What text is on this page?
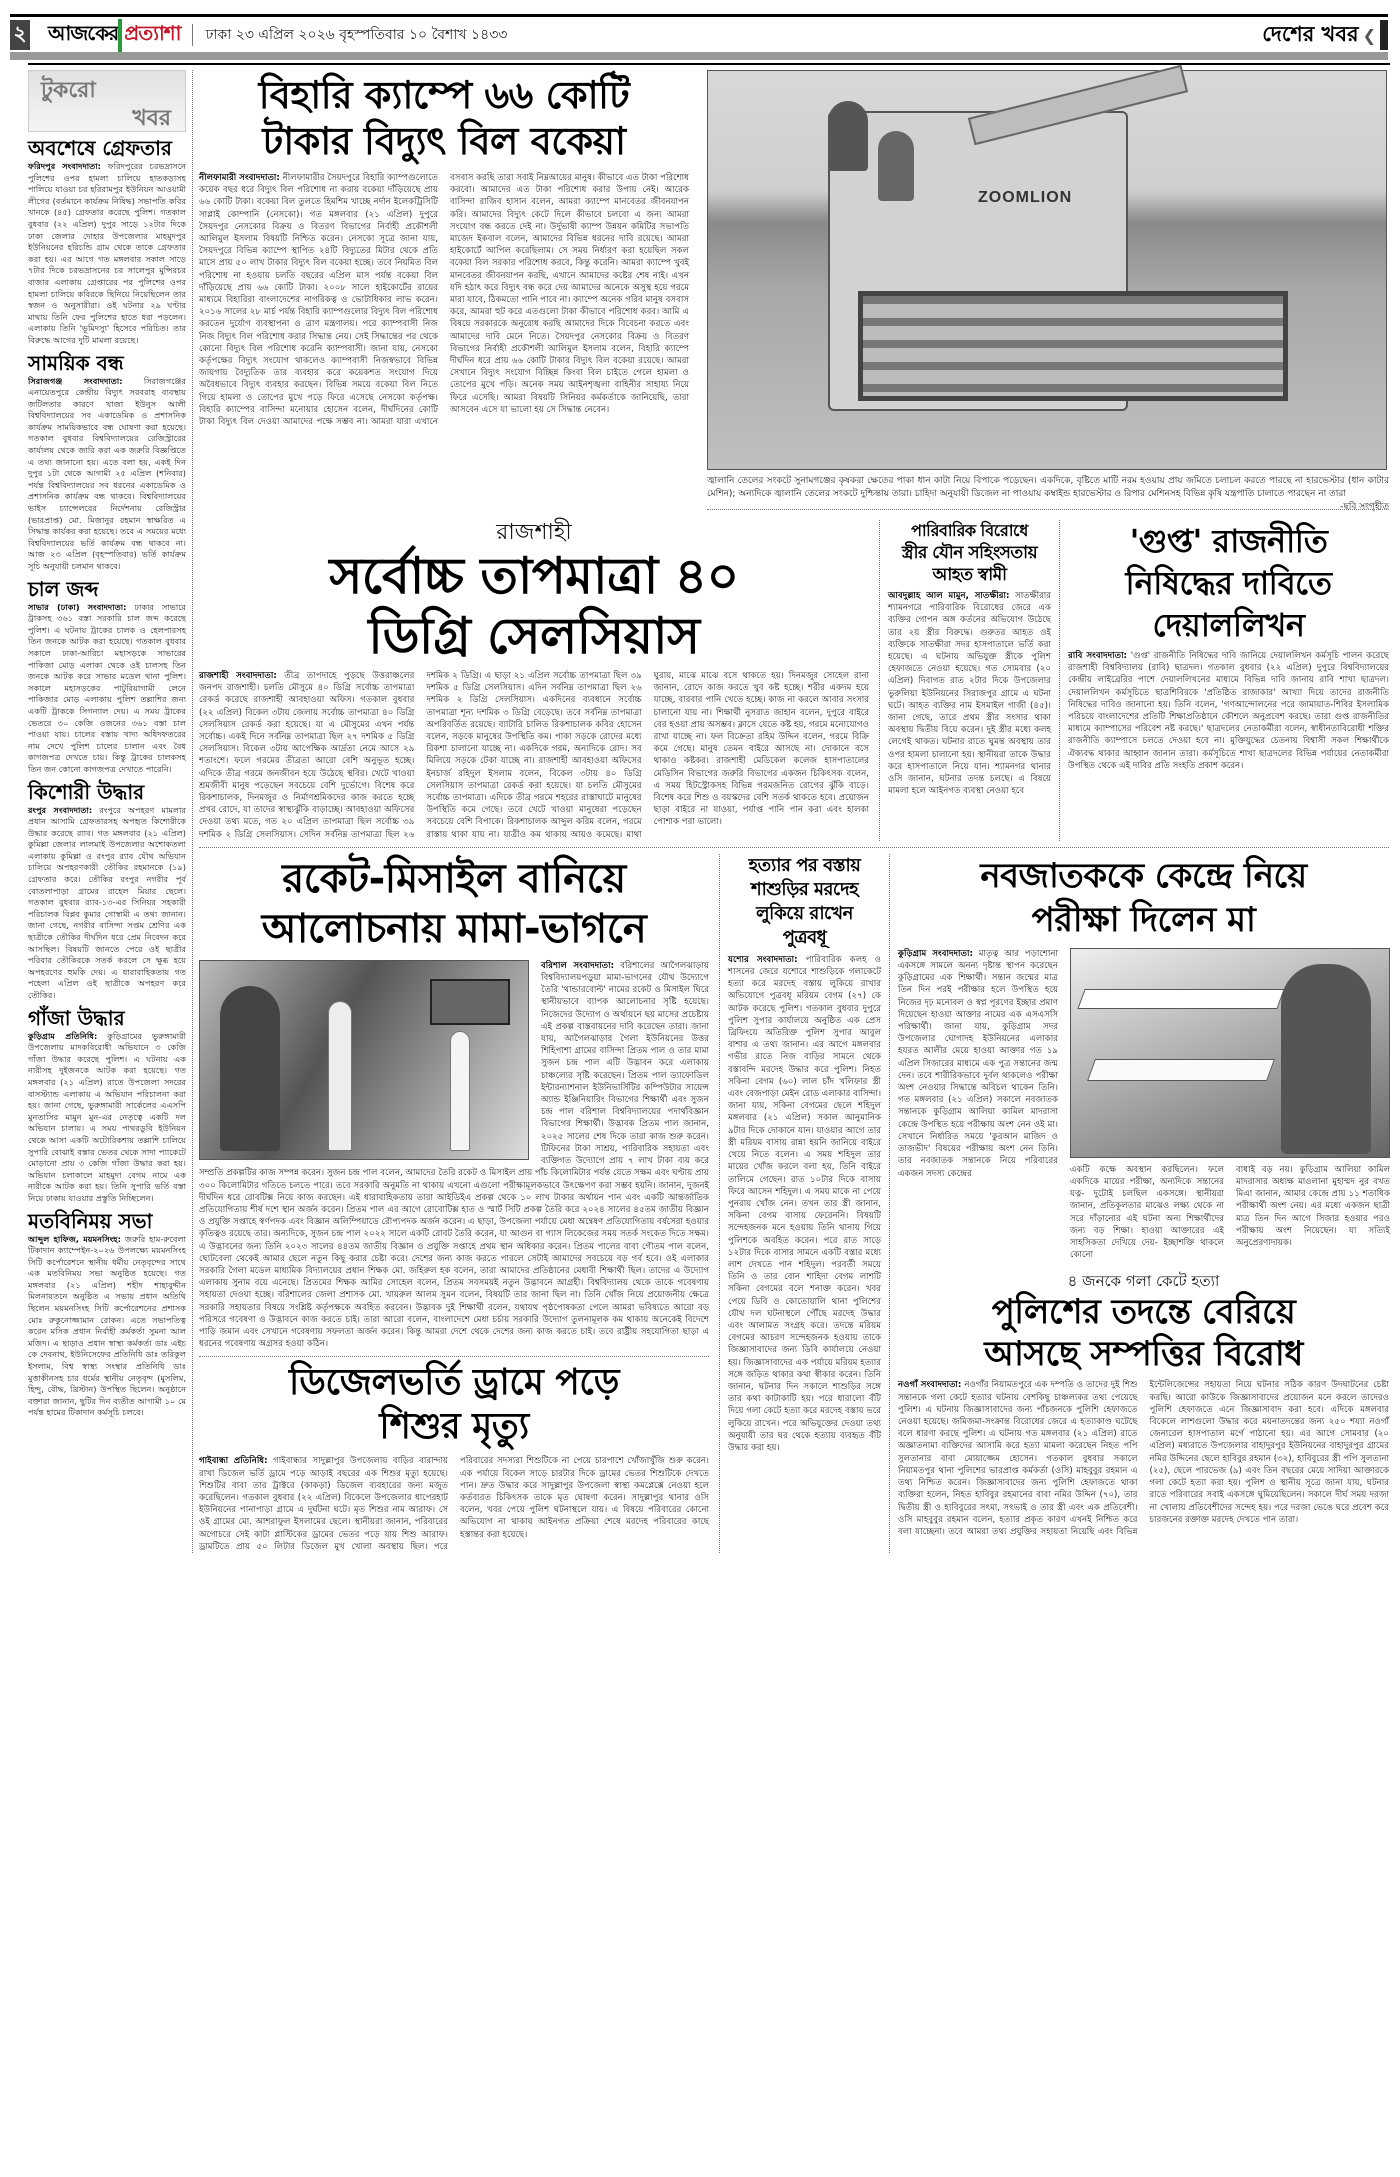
২ আজকের প্রত্যাশা ঢাকা ২৩ এপ্রিল ২০২৬ বৃহস্পতিবার ১০ বৈশাখ ১৪৩৩	দেশের খবর ❮
টুকরো
খবর
অবশেষে গ্রেফতার
ফরিদপুর সংবাদদাতা: ফরিদপুরের চরভদ্রাসনে পুলিশের ওপর হামলা চালিয়ে হাতকড়াসহ পালিয়ে যাওয়া চর হরিরামপুর ইউনিয়ন আওয়ামী লীগের (বর্তমানে কার্যক্রম নিষিদ্ধ) সভাপতি কবির খানকে (৪৫) গ্রেফতার করেছে পুলিশ। গতকাল বুধবার (২২ এপ্রিল) দুপুর সাড়ে ১২টার দিকে ঢাকা জেলার দোহার উপজেলার মাহমুদপুর ইউনিয়নের হরিচন্ডি গ্রাম থেকে তাকে গ্রেফতার করা হয়। এর আগে গত মঙ্গলবার সকাল সাড়ে ৭টার দিকে চরভদ্রাসনের চর সালেপুর মুন্সিরচর বাজার এলাকায় গ্রেপ্তারের পর পুলিশের ওপর হামলা চালিয়ে কবিরকে ছিনিয়ে নিয়েছিলেন তার স্বজন ও অনুসারীরা। ওই ঘটনার ২৯ ঘণ্টার মাথায় তিনি ফের পুলিশের হাতে ধরা পড়লেন। এলাকায় তিনি 'ভূমিদস্যু' হিসেবে পরিচিত। তার বিরুদ্ধে আগের দুটি মামলা রয়েছে।
সাময়িক বন্ধ
সিরাজগঞ্জ সংবাদদাতা:	সিরাজগঞ্জের এনায়েতপুরে কেন্দ্রীয় বিদ্যুৎ সরবরাহ ব্যবস্থায় জটিলতার কারণে খাজা ইউনুস আলী বিশ্ববিদ্যালয়ের সব একাডেমিক ও প্রশাসনিক কার্যক্রম সাময়িকভাবে বন্ধ ঘোষণা করা হয়েছে। গতকাল বুধবার বিশ্ববিদ্যালয়ের রেজিস্ট্রারের কার্যালয় থেকে জারি করা এক জরুরি বিজ্ঞপ্তিতে এ তথ্য জানানো হয়। এতে বলা হয়, একই দিন দুপুর ১টা থেকে আগামী ২৫ এপ্রিল (শনিবার) পর্যন্ত বিশ্ববিদ্যালয়ের সব ধরনের একাডেমিক ও প্রশাসনিক কার্যক্রম বন্ধ থাকবে। বিশ্ববিদ্যালয়ের ভাইস চ্যান্সেলরের নির্দেশনায় রেজিস্ট্রার (ভারপ্রাপ্ত) মো. মিজানুর রহমান স্বাক্ষরিত এ সিদ্ধান্ত কার্যকর করা হয়েছে। তবে এ সময়ের মধ্যে বিশ্ববিদ্যালয়ের ভর্তি কার্যক্রম বন্ধ থাকবে না। আজ ২৩ এপ্রিল (বৃহস্পতিবার) ভর্তি কার্যক্রম সূচি অনুযায়ী চলমান থাকবে।
চাল জব্দ
সাভার (ঢাকা) সংবাদদাতা: ঢাকার সাভারে ট্রাকসহ ৩৬১ বস্তা সরকারি চাল জব্দ করেছে পুলিশ। এ ঘটনায় ট্রাকের চালক ও হেলপারসহ তিন জনকে আটক করা হয়েছে। গতকাল বুধবার সকালে ঢাকা-আরিচা মহাসড়কে সাভারের পাকিজা মোড় এলাকা থেকে ওই চালসহ তিন জনকে আটক করে সাভার মডেল থানা পুলিশ। সকালে মহাসড়কের পাটুরিয়াগামী লেনে পাকিজার মোড় এলাকায় পুলিশ তল্লাশির জন্য একটি ট্রাককে সিগন্যাল দেয়। এ সময় ট্রাকের ভেতরে ৩০ কেজি ওজনের ৩৬১ বস্তা চাল পাওয়া যায়। চালের বস্তায় খাদ্য অধিদফতরের নাম দেখে পুলিশ চালের চালান এবং বৈধ কাগজপত্র দেখতে চায়। কিন্তু ট্রাকের চালকসহ তিন জন কোনো কাগজপত্র দেখাতে পারেনি।
কিশোরী উদ্ধার
রংপুর সংবাদদাতা: রংপুরে অপহরণ মামলার প্রধান আসামি গ্রেফতারসহ অপহৃত কিশোরীকে উদ্ধার করেছে র‌্যাব। গত মঙ্গলবার (২১ এপ্রিল) কুমিল্লা জেলার লালমাই উপজেলার অশোকতলা এলাকায় কুমিল্লা ও রংপুর র‌্যাব যৌথ অভিযান চালিয়ে অপহরণকারী তৌকির রহমানকে (১৯) গ্রেফতার করে। তৌকির রংপুর নগরীর পূর্ব বোতলাপাড়া গ্রামের রাহেল মিয়ার ছেলে। গতকাল বুধবার র‌্যাব-১৩-এর সিনিয়র সহকারী পরিচালক বিপ্লব কুমার গোস্বামী এ তথ্য জানান। জানা গেছে, নগরীর বাসিন্দা সপ্তম শ্রেণির এক ছাত্রীকে তৌকির দীর্ঘদিন ধরে প্রেম নিবেদন করে আসছিল। বিষয়টি জানতে পেরে ওই ছাত্রীর পরিবার তৌকিরকে সতর্ক করলে সে ক্ষুব্ধ হয়ে অপহরণের হুমকি দেয়। এ ধারাবাহিকতায় গত পহেলা এপ্রিল ওই ছাত্রীকে অপহরণ করে তৌকির।
গাঁজা উদ্ধার
কুড়িগ্রাম প্রতিনিধি: কুড়িগ্রামের ভুরুঙ্গামারী উপজেলায় মাদকবিরোধী অভিযানে ৩ কেজি গাঁজা উদ্ধার করেছে পুলিশ। এ ঘটনায় এক নারীসহ দুইজনকে আটক করা হয়েছে। গত মঙ্গলবার (২১ এপ্রিল) রাতে উপজেলা সদরের বাসস্ট্যান্ড এলাকায় এ অভিযান পরিচালনা করা হয়। জানা গেছে, ভুরুঙ্গামারী সার্কেলের এএসপি মুনতাসির মামুন মুন-এর নেতৃত্বে একটি দল অভিযান চালায়। এ সময় পাথরডুবি ইউনিয়ন থেকে আসা একটি অটোরিকশায় তল্লাশি চালিয়ে সুপারি বোঝাই বস্তার ভেতর থেকে সাদা প্যাকেটে মোড়ানো প্রায় ৩ কেজি গাঁজা উদ্ধার করা হয়। অভিযান চলাকালে মাহমুদা বেগম নামে এক নারীকে আটক করা হয়। তিনি সুপারি ভর্তি বস্তা নিয়ে ঢাকায় যাওয়ার প্রস্তুতি নিচ্ছিলেন।
মতবিনিময় সভা
আব্দুল হাফিজ, ময়মনসিংহ: জরুরি হাম-রুবেলা টিকাদান ক্যাম্পেইন-২০২৬ উপলক্ষ্যে ময়মনসিংহ সিটি কর্পোরেশনে স্থানীয় ধর্মীয় নেতৃবৃন্দের সাথে এক মতবিনিময় সভা অনুষ্ঠিত হয়েছে। গত মঙ্গলবার (২১ এপ্রিল) শহীদ শাহাবুদ্দীন মিলনায়তনে অনুষ্ঠিত এ সভায় প্রধান অতিথি ছিলেন ময়মনসিংহ সিটি কর্পোরেশনের প্রশাসক মোঃ রুকুনোজ্জামান রোকন। এতে সভাপতিত্ব করেন মসিক প্রধান নির্বাহী কর্মকর্তা সুমনা আল মজিদ। এ ছাড়াও প্রধান স্বাস্থ্য কর্মকর্তা ডাঃ এইচ কে দেবনাথ, ইউনিসেফের প্রতিনিধি ডাঃ তরিকুল ইসলাম, বিশ্ব স্বাস্থ্য সংস্থার প্রতিনিধি ডাঃ মুত্তাকীনসহ চার ধর্মের স্থানীয় নেতৃবৃন্দ (মুসলিম, হিন্দু, বৌদ্ধ, খ্রিস্টান) উপস্থিত ছিলেন। অনুষ্ঠানে বক্তারা জানান, ছুটির দিন ব্যতীত আগামী ১০ মে পর্যন্ত হামের টিকাদান কর্মসূচি চলবে।
বিহারি ক্যাম্পে ৬৬ কোটি
টাকার বিদ্যুৎ বিল বকেয়া
নীলফামারী সংবাদদাতা: নীলফামারীর সৈয়দপুরে বিহারি ক্যাম্পগুলোতে কয়েক বছর ধরে বিদ্যুৎ বিল পরিশোধ না করায় বকেয়া দাঁড়িয়েছে প্রায় ৬৬ কোটি টাকা। বকেয়া বিল তুলতে হিমশিম খাচ্ছে নর্দান ইলেকট্রিসিটি সাপ্লাই কোম্পানি (নেসকো)। গত মঙ্গলবার (২১ এপ্রিল) দুপুরে সৈয়দপুর নেসকোর বিক্রয় ও বিতরণ বিভাগের নির্বাহী প্রকৌশলী আলিমুল ইসলাম বিষয়টি নিশ্চিত করেন। নেসকো সূত্রে জানা যায়, সৈয়দপুরে বিভিন্ন ক্যাম্পে স্থাপিত ২৪টি বিদ্যুতের মিটার থেকে প্রতি মাসে প্রায় ৫০ লাখ টাকার বিদ্যুৎ বিল বকেয়া হচ্ছে। তবে নিয়মিত বিল পরিশোধ না হওয়ায় চলতি বছরের এপ্রিল মাস পর্যন্ত বকেয়া বিল দাঁড়িয়েছে প্রায় ৬৬ কোটি টাকা। ২০০৮ সালে হাইকোর্টের রায়ের মাধ্যমে বিহারিরা বাংলাদেশের নাগরিকত্ব ও ভোটাধিকার লাভ করেন। ২০১৬ সালের ২৮ মার্চ পর্যন্ত বিহারি ক্যাম্পগুলোর বিদ্যুৎ বিল পরিশোধ করতেন দুর্যোগ ব্যবস্থাপনা ও ত্রাণ মন্ত্রণালয়। পরে ক্যাম্পবাসী নিজ নিজ বিদ্যুৎ বিল পরিশোধ করার সিদ্ধান্ত নেয়। সেই সিদ্ধান্তের পর থেকে কোনো বিদ্যুৎ বিল পরিশোধ করেনি ক্যাম্পবাসী। জানা যায়, নেসকো কর্তৃপক্ষের বিদ্যুৎ সংযোগ থাকলেও ক্যাম্পবাসী নিজস্বভাবে বিভিন্ন জায়গায় বৈদ্যুতিক তার ব্যবহার করে কয়েকশত সংযোগ দিয়ে অবৈধভাবে বিদ্যুৎ ব্যবহার করছেন। বিভিন্ন সময়ে বকেয়া বিল নিতে গিয়ে হামলা ও তোপের মুখে পড়ে ফিরে এসেছে নেসকো কর্তৃপক্ষ। বিহারি ক্যাম্পের বাসিন্দা মনোয়ার হোসেন বলেন, দীর্ঘদিনের কোটি টাকা বিদ্যুৎ বিল দেওয়া আমাদের পক্ষে সম্ভব না। আমরা যারা এখানে বসবাস করছি তারা সবাই নিম্নআয়ের মানুষ। কীভাবে এত টাকা পরিশোধ করবো। আমাদের এত টাকা পরিশোধ করার উপায় নেই। আরেক বাসিন্দা রাজিব হাসান বলেন, আমরা ক্যাম্পে মানবেতর জীবনযাপন করি। আমাদের বিদ্যুৎ কেটে দিলে কীভাবে চলবো এ জন্য আমরা সংযোগ বন্ধ করতে দেই না। উর্দুভাষী ক্যাম্প উন্নয়ন কমিটির সভাপতি মাজেদ ইকবাল বলেন, আমাদের বিভিন্ন ধরনের দাবি রয়েছে। আমরা হাইকোর্টে আপিল করেছিলাম। সে সময় নির্ধারণ করা হয়েছিল সকল বকেয়া বিল সরকার পরিশোধ করবে, কিন্তু করেনি। আমরা ক্যাম্পে খুবই মানবেতর জীবনযাপন করছি, এখানে আমাদের কষ্টের শেষ নাই। এখন যদি হঠাৎ করে বিদ্যুৎ বন্ধ করে দেয় আমাদের অনেকে অসুস্থ হয়ে গরমে মারা যাবে, ঠিকমতো পানি পাবে না। ক্যাম্পে অনেক গরিব মানুষ বসবাস করে, আমরা হুট করে এতগুলো টাকা কীভাবে পরিশোধ করব। আমি এ বিষয়ে সরকারকে অনুরোধ করছি আমাদের দিকে বিবেচনা করতে এবং আমাদের দাবি মেনে নিতে। সৈয়দপুর নেসকোর বিক্রয় ও বিতরণ বিভাগের নির্বাহী প্রকৌশলী আলিমুল ইসলাম বলেন, বিহারি ক্যাম্পে দীর্ঘদিন ধরে প্রায় ৬৬ কোটি টাকার বিদ্যুৎ বিল বকেয়া রয়েছে। আমরা সেখানে বিদ্যুৎ সংযোগ বিচ্ছিন্ন কিংবা বিল চাইতে গেলে হামলা ও তোপের মুখে পড়ি। অনেক সময় আইনশৃঙ্খলা বাহিনীর সাহায্য নিয়ে ফিরে এসেছি। আমরা বিষয়টি সিনিয়র কর্মকর্তাকে জানিয়েছি, তারা আসবেন এসে যা ভালো হয় সে সিদ্ধান্ত নেবেন।
ZOOMLION
জ্বালানি তেলের সংকটে সুনামগঞ্জের কৃষকরা ক্ষেতের পাকা ধান কাটা নিয়ে বিপাকে পড়েছেন। একদিকে, বৃষ্টিতে মাটি নরম হওয়ায় প্রায় জমিতে চলাচল করতে পারছে না হারভেস্টার (ধান কাটার মেশিন); অন্যদিকে জ্বালানি তেলের সংকটে দুশ্চিন্তায় তারা। চাহিদা অনুযায়ী ডিজেল না পাওয়ায় কম্বাইন্ড হারভেস্টার ও রিপার মেশিনসহ বিভিন্ন কৃষি যন্ত্রপাতি চালাতে পারছেন না তারা
-ছবি সংগৃহীত
রাজশাহী
সর্বোচ্চ তাপমাত্রা ৪০
ডিগ্রি সেলসিয়াস
রাজশাহী সংবাদদাতা: তীব্র তাপদাহে পুড়ছে উত্তরাঞ্চলের জনপদ রাজশাহী। চলতি মৌসুমে ৪০ ডিগ্রি সর্বোচ্চ তাপমাত্রা রেকর্ড করেছে রাজশাহী আবহাওয়া অফিস। গতকাল বুধবার (২২ এপ্রিল) বিকেল ৩টায় জেলায় সর্বোচ্চ তাপমাত্রা ৪০ ডিগ্রি সেলসিয়াস রেকর্ড করা হয়েছে। যা এ মৌসুমের এখন পর্যন্ত সর্বোচ্চ। একই দিনে সর্বনিম্ন তাপমাত্রা ছিল ২৭ দশমিক ৫ ডিগ্রি সেলসিয়াস। বিকেল ৩টায় আপেক্ষিক আর্দ্রতা নেমে আসে ২৯ শতাংশে। ফলে গরমের তীব্রতা আরো বেশি অনুভূত হচ্ছে। এদিকে তীব্র গরমে জনজীবন হয়ে উঠেছে স্থবির। খেটে খাওয়া শ্রমজীবী মানুষ পড়েছেন সবচেয়ে বেশি দুর্ভোগে। বিশেষ করে রিকশাচালক, দিনমজুর ও নির্মাণশ্রমিকদের কাজ করতে হচ্ছে প্রখর রোদে, যা তাদের স্বাস্থ্যঝুঁকি বাড়াচ্ছে। আবহাওয়া অফিসের দেওয়া তথ্য মতে, গত ২০ এপ্রিল তাপমাত্রা ছিল সর্বোচ্চ ৩৯ দশমিক ২ ডিগ্রি সেলসিয়াস। সেদিন সর্বনিম্ন তাপমাত্রা ছিল ২৬ দশমিক ২ ডিগ্রি। এ ছাড়া ২১ এপ্রিল সর্বোচ্চ তাপমাত্রা ছিল ৩৯ দশমিক ৫ ডিগ্রি সেলসিয়াস। এদিন সর্বনিম্ন তাপমাত্রা ছিল ২৬ দশমিক ২ ডিগ্রি সেলসিয়াস। একদিনের ব্যবধানে সর্বোচ্চ তাপমাত্রা শূন্য দশমিক ৩ ডিগ্রি বেড়েছে। তবে সর্বনিম্ন তাপমাত্রা অপরিবর্তিত রয়েছে। ব্যাটারি চালিত রিকশাচালক কবির হোসেন বলেন, সড়কে মানুষের উপস্থিতি কম। পাকা সড়কে রোদের মধ্যে রিকশা চালানো যাচ্ছে না। একদিকে গরম, অন্যদিকে রোদ। সব মিলিয়ে সড়কে টেকা যাচ্ছে না। রাজশাহী আবহাওয়া অফিসের ইনচার্জ রহিদুল ইসলাম বলেন, বিকেল ৩টায় ৪০ ডিগ্রি সেলসিয়াস তাপমাত্রা রেকর্ড করা হয়েছে। যা চলতি মৌসুমের সর্বোচ্চ তাপমাত্রা। এদিকে তীব্র গরমে শহরের রাস্তাঘাটে মানুষের উপস্থিতি কমে গেছে। তবে খেটে খাওয়া মানুষেরা পড়েছেন সবচেয়ে বেশি বিপাকে। রিকশাচালক আব্দুল করিম বলেন, গরমে রাস্তায় থাকা যায় না। যাত্রীও কম থাকায় আয়ও কমেছে। মাথা ঘুরায়, মাঝে মাঝে বসে থাকতে হয়। দিনমজুর সোহেল রানা জানান, রোদে কাজ করতে খুব কষ্ট হচ্ছে। শরীর একদম হয়ে যাচ্ছে, বারবার পানি খেতে হচ্ছে। কাজ না করলে আবার সংসার চালানো যায় না। শিক্ষার্থী নুসরাত জাহান বলেন, দুপুরে বাইরে বের হওয়া প্রায় অসম্ভব। ক্লাসে যেতে কষ্ট হয়, গরমে মনোযোগও রাখা যাচ্ছে না। ফল বিক্রেতা রহিম উদ্দিন বলেন, গরমে বিক্রি কমে গেছে। মানুষ তেমন বাইরে আসছে না। দোকানে বসে থাকাও কষ্টকর। রাজশাহী মেডিকেল কলেজ হাসপাতালের মেডিসিন বিভাগের জরুরি বিভাগের একজন চিকিৎসক বলেন, এ সময় হিটস্ট্রোকসহ বিভিন্ন গরমজনিত রোগের ঝুঁকি বাড়ে। বিশেষ করে শিশু ও বয়স্কদের বেশি সতর্ক থাকতে হবে। প্রয়োজন ছাড়া বাইরে না যাওয়া, পর্যাপ্ত পানি পান করা এবং হালকা পোশাক পরা ভালো।
পারিবারিক বিরোধে
স্ত্রীর যৌন সহিংসতায়
আহত স্বামী
আবদুল্লাহ আল মামুন, সাতক্ষীরা: সাতক্ষীরার শ্যামনগরে পারিবারিক বিরোধের জেরে এক ব্যক্তির গোপন অঙ্গ কর্তনের অভিযোগ উঠেছে তার ২য় স্ত্রীর বিরুদ্ধে। গুরুতর আহত ওই ব্যক্তিকে সাতক্ষীরা সদর হাসপাতালে ভর্তি করা হয়েছে। এ ঘটনায় অভিযুক্ত স্ত্রীকে পুলিশ হেফাজতে নেওয়া হয়েছে। গত সোমবার (২০ এপ্রিল) দিবাগত রাত ২টার দিকে উপজেলার ভুরুলিয়া ইউনিয়নের সিরাজপুর গ্রামে এ ঘটনা ঘটে। আহত ব্যক্তির নাম ইসমাইল গাজী (৪৫)। জানা গেছে, তারে প্রথম স্ত্রীর সংসার থাকা অবস্থায় দ্বিতীয় বিয়ে করেন। দুই স্ত্রীর মধ্যে কলহ লেগেই থাকত। ঘটনার রাতে ঘুমন্ত অবস্থায় তার ওপর হামলা চালানো হয়। স্থানীয়রা তাকে উদ্ধার করে হাসপাতালে নিয়ে যান। শ্যামনগর থানার ওসি জানান, ঘটনার তদন্ত চলছে। এ বিষয়ে মামলা হলে আইনগত ব্যবস্থা নেওয়া হবে
'গুপ্ত' রাজনীতি
নিষিদ্ধের দাবিতে
দেয়াললিখন
রাবি সংবাদদাতা: 'গুপ্ত' রাজনীতি নিষিদ্ধের দাবি জানিয়ে দেয়াললিখন কর্মসূচি পালন করেছে রাজশাহী বিশ্ববিদ্যালয় (রাবি) ছাত্রদল। গতকাল বুধবার (২২ এপ্রিল) দুপুরে বিশ্ববিদ্যালয়ের কেন্দ্রীয় লাইব্রেরির পাশে দেয়াললিখনের মাধ্যমে বিভিন্ন দাবি জানায় রাবি শাখা ছাত্রদল। দেয়াললিখন কর্মসূচিতে ছাত্রশিবিরকে 'প্রতিষ্ঠিত রাজাকার' আখ্যা দিয়ে তাদের রাজনীতি নিষিদ্ধের দাবিও জানানো হয়। তিনি বলেন, 'গণআন্দোলনের পরে জামায়াত-শিবির ইসলামিক পরিচয়ে বাংলাদেশের প্রতিটি শিক্ষাপ্রতিষ্ঠানে কৌশলে অনুপ্রবেশ করছে। তারা গুপ্ত রাজনীতির মাধ্যমে ক্যাম্পাসের পরিবেশ নষ্ট করছে।' ছাত্রদলের নেতাকর্মীরা বলেন, স্বাধীনতাবিরোধী শক্তির রাজনীতি ক্যাম্পাসে চলতে দেওয়া হবে না। মুক্তিযুদ্ধের চেতনায় বিশ্বাসী সকল শিক্ষার্থীকে ঐক্যবদ্ধ থাকার আহ্বান জানান তারা। কর্মসূচিতে শাখা ছাত্রদলের বিভিন্ন পর্যায়ের নেতাকর্মীরা উপস্থিত থেকে এই দাবির প্রতি সংহতি প্রকাশ করেন।
রকেট-মিসাইল বানিয়ে
আলোচনায় মামা-ভাগনে
বরিশাল সংবাদদাতা: বরিশালের আগৈলঝাড়ায় বিশ্ববিদ্যালয়পড়ুয়া মামা-ভাগনের যৌথ উদ্যোগে তৈরি 'থান্ডারবোল্ট' নামের রকেট ও মিসাইল ঘিরে স্থানীয়ভাবে ব্যাপক আলোচনার সৃষ্টি হয়েছে। নিজেদের উদ্যোগ ও অর্থায়নে ছয় মাসের প্রচেষ্টায় এই প্রকল্প বাস্তবায়নের দাবি করেছেন তারা। জানা যায়, আগৈলঝাড়ার গৈলা ইউনিয়নের উত্তর শিহিপাশা গ্রামের বাসিন্দা প্রিতম পাল ও তার মামা সুজন চন্দ্র পাল এটি উদ্ভাবন করে এলাকায় চাঞ্চল্যের সৃষ্টি করেছেন। প্রিতম পাল ড্যাফোডিল ইন্টারন্যাশনাল ইউনিভার্সিটির কম্পিউটার সায়েন্স অ্যান্ড ইঞ্জিনিয়ারিং বিভাগের শিক্ষার্থী এবং সুজন চন্দ্র পাল বরিশাল বিশ্ববিদ্যালয়ের পদার্থবিজ্ঞান বিভাগের শিক্ষার্থী। উদ্ভাবক প্রিতম পাল জানান, ২০২৫ সালের শেষ দিকে তারা কাজ শুরু করেন। টিফিনের টাকা সাশ্রয়, পারিবারিক সহায়তা এবং ব্যক্তিগত উদ্যোগে প্রায় ৭ লাখ টাকা ব্যয় করে সম্প্রতি প্রকল্পটির কাজ সম্পন্ন করেন। সুজন চন্দ্র পাল বলেন, আমাদের তৈরি রকেট ও মিসাইল প্রায় পাঁচ কিলোমিটার পর্যন্ত যেতে সক্ষম এবং ঘণ্টায় প্রায় ৩০০ কিলোমিটার গতিতে চলতে পারে। তবে সরকারি অনুমতি না থাকায় এখনো এগুলো পরীক্ষামূলকভাবে উৎক্ষেপণ করা সম্ভব হয়নি। জানান, দুজনই দীর্ঘদিন ধরে রোবটিক্স নিয়ে কাজ করছেন। এই ধারাবাহিকতায় তারা আইডিইএ প্রকল্প থেকে ১০ লাখ টাকার অর্থায়ন পান এবং একটি আন্তর্জাতিক প্রতিযোগিতায় শীর্ষ দশে স্থান অর্জন করেন। প্রিতম পাল এর আগে রোবোটিক্স হাত ও স্মার্ট সিটি প্রকল্প তৈরি করে ২০২৪ সালের ৪৫তম জাতীয় বিজ্ঞান ও প্রযুক্তি সপ্তাহে স্বর্ণপদক এবং বিজ্ঞান অলিম্পিয়াডে রৌপ্যপদক অর্জন করেন। এ ছাড়া, উপজেলা পর্যায়ে মেধা অন্বেষণ প্রতিযোগিতায় বর্ষসেরা হওয়ার কৃতিত্বও রয়েছে তার। অন্যদিকে, সুজন চন্দ্র পাল ২০২২ সালে একটি রোবট তৈরি করেন, যা আগুন বা গ্যাস লিকেজের সময় সতর্ক সংকেত দিতে সক্ষম। এ উদ্ভাবনের জন্য তিনি ২০২৩ সালের ৪৪তম জাতীয় বিজ্ঞান ও প্রযুক্তি সপ্তাহে প্রথম স্থান অধিকার করেন। প্রিতম পালের বাবা গৌতম পাল বলেন, ছোটবেলা থেকেই আমার ছেলে নতুন কিছু করার চেষ্টা করে। দেশের জন্য কাজ করতে পারলে সেটাই আমাদের সবচেয়ে বড় গর্ব হবে। ওই এলাকার সরকারি গৈলা মডেল মাধ্যমিক বিদ্যালয়ের প্রধান শিক্ষক মো. জহিরুল হক বলেন, তারা আমাদের প্রতিষ্ঠানের মেধাবী শিক্ষার্থী ছিল। তাদের এ উদ্যোগ এলাকায় সুনাম বয়ে এনেছে। প্রিতমের শিক্ষক আমির সোহেল বলেন, প্রিতম সবসময়ই নতুন উদ্ভাবনে আগ্রহী। বিশ্ববিদ্যালয় থেকে তাকে গবেষণায় সহায়তা দেওয়া হচ্ছে। বরিশালের জেলা প্রশাসক মো. খায়রুল আলম সুমন বলেন, বিষয়টি তার জানা ছিল না। তিনি খোঁজ নিয়ে প্রয়োজনীয় ক্ষেত্রে সরকারি সহায়তার বিষয়ে সংশ্লিষ্ট কর্তৃপক্ষকে অবহিত করবেন। উদ্ভাবক দুই শিক্ষার্থী বলেন, যথাযথ পৃষ্ঠপোষকতা পেলে আমরা ভবিষ্যতে আরো বড় পরিসরে গবেষণা ও উদ্ভাবনে কাজ করতে চাই। তারা আরো বলেন, বাংলাদেশে মেধা চর্চায় সরকারি উদ্যোগ তুলনামূলক কম থাকায় অনেকেই বিদেশে পাড়ি জমান এবং সেখানে গবেষণায় সফলতা অর্জন করেন। কিন্তু আমরা দেশে থেকে দেশের জন্য কাজ করতে চাই। তবে রাষ্ট্রীয় সহযোগিতা ছাড়া এ ধরনের গবেষণায় অগ্রসর হওয়া কঠিন।
ডিজেলভর্তি ড্রামে পড়ে
শিশুর মৃত্যু
গাইবান্ধা প্রতিনিধি: গাইবান্ধার সাদুল্লাপুর উপজেলায় বাড়ির বারান্দায় রাখা ডিজেল ভর্তি ড্রামে পড়ে আড়াই বছরের এক শিশুর মৃত্যু হয়েছে। শিশুটির বাবা তার ট্রাক্টরে (কাকড়া) ডিজেল ব্যবহারের জন্য মজুত করেছিলেন। গতকাল বুধবার (২২ এপ্রিল) বিকেলে উপজেলার ধাপেরহাট ইউনিয়নের পানাপাড়া গ্রামে এ দুর্ঘটনা ঘটে। মৃত শিশুর নাম আরাফ। সে ওই গ্রামের মো. আশরাফুল ইসলামের ছেলে। স্থানীয়রা জানান, পরিবারের অগোচরে সেই কাটা প্লাস্টিকের ড্রামের ভেতর পড়ে যায় শিশু আরাফ। ড্রামটিতে প্রায় ৫০ লিটার ডিজেল মুখ খোলা অবস্থায় ছিল। পরে পরিবারের সদস্যরা শিশুটিকে না পেয়ে চারপাশে খোঁজাখুঁজি শুরু করেন। এক পর্যায়ে বিকেল সাড়ে চারটার দিকে ড্রামের ভেতর শিশুটিকে দেখতে পান। দ্রুত উদ্ধার করে সাদুল্লাপুর উপজেলা স্বাস্থ্য কমপ্লেক্সে নেওয়া হলে কর্তব্যরত চিকিৎসক তাকে মৃত ঘোষণা করেন। সাদুল্লাপুর থানার ওসি বলেন, খবর পেয়ে পুলিশ ঘটনাস্থলে যায়। এ বিষয়ে পরিবারের কোনো অভিযোগ না থাকায় আইনগত প্রক্রিয়া শেষে মরদেহ পরিবারের কাছে হস্তান্তর করা হয়েছে।
হত্যার পর বস্তায়
শাশুড়ির মরদেহ
লুকিয়ে রাখেন
পুত্রবধূ
যশোর সংবাদদাতা: পারিবারিক কলহ ও শাসনের জেরে যশোরে শাশুড়িকে গলাকেটে হত্যা করে মরদেহ বস্তায় লুকিয়ে রাখার অভিযোগে পুত্রবধূ মরিয়ম বেগম (২৭) কে আটক করেছে পুলিশ। গতকাল বুধবার দুপুরে পুলিশ সুপার কার্যালয়ে অনুষ্ঠিত এক প্রেস ব্রিফিংয়ে অতিরিক্ত পুলিশ সুপার আবুল বাশার এ তথ্য জানান। এর আগে মঙ্গলবার গভীর রাতে নিজ বাড়ির সামনে থেকে বস্তাবন্দি মরদেহ উদ্ধার করে পুলিশ। নিহত সকিনা বেগম (৬০) লাল চাঁদ খলিফার স্ত্রী এবং বেজপাড়া মেইন রোড এলাকার বাসিন্দা। জানা যায়, সকিনা বেগমের ছেলে শহিদুল মঙ্গলবার (২১ এপ্রিল) সকাল আনুমানিক ৯টার দিকে দোকানে যান। যাওয়ার আগে তার স্ত্রী মরিয়ম বাসায় রান্না হয়নি জানিয়ে বাইরে খেয়ে নিতে বলেন। এ সময় শহিদুল তার মায়ের খোঁজ করলে বলা হয়, তিনি বাইরে তালিমে গেছেন। রাত ১০টার দিকে বাসায় ফিরে আসেন শহিদুল। এ সময় মাকে না পেয়ে পুনরায় খোঁজ নেন। তখন তার স্ত্রী জানান, সকিনা বেগম বাসায় ফেরেননি। বিষয়টি সন্দেহজনক মনে হওয়ায় তিনি থানায় গিয়ে পুলিশকে অবহিত করেন। পরে রাত সাড়ে ১২টার দিকে বাসার সামনে একটি বস্তার মধ্যে লাশ দেখতে পান শহিদুল। পরবর্তী সময়ে তিনি ও তার বোন শাহিদা বেগম লাশটি সকিনা বেগমের বলে শনাক্ত করেন। খবর পেয়ে ডিবি ও কোতোয়ালি থানা পুলিশের যৌথ দল ঘটনাস্থলে পৌঁছে মরদেহ উদ্ধার এবং আলামত সংগ্রহ করে। তদন্তে মরিয়ম বেগমের আচরণ সন্দেহজনক হওয়ায় তাকে জিজ্ঞাসাবাদের জন্য ডিবি কার্যালয়ে নেওয়া হয়। জিজ্ঞাসাবাদের এক পর্যায়ে মরিয়ম হত্যার সঙ্গে জড়িত থাকার কথা স্বীকার করেন। তিনি জানান, ঘটনার দিন সকালে শাশুড়ির সঙ্গে তার কথা কাটাকাটি হয়। পরে ধারালো বঁটি দিয়ে গলা কেটে হত্যা করে মরদেহ বস্তায় ভরে লুকিয়ে রাখেন। পরে অভিযুক্তের দেওয়া তথ্য অনুযায়ী তার ঘর থেকে হত্যায় ব্যবহৃত বঁটি উদ্ধার করা হয়।
নবজাতককে কেন্দ্রে নিয়ে
পরীক্ষা দিলেন মা
কুড়িগ্রাম সংবাদদাতা: মাতৃত্ব আর পড়াশোনা একসঙ্গে সামলে অনন্য দৃষ্টান্ত স্থাপন করেছেন কুড়িগ্রামের এক শিক্ষার্থী। সন্তান জন্মের মাত্র তিন দিন পরই পরীক্ষার হলে উপস্থিত হয়ে নিজের দৃঢ় মনোবল ও স্বপ্ন পূরণের ইচ্ছার প্রমাণ দিয়েছেন হাওয়া আক্তার নামের এক এসএসসি পরিক্ষার্থী। জানা যায়, কুড়িগ্রাম সদর উপজেলার ঘোগাদহ ইউনিয়নের এলাকার হযরত আলীর মেয়ে হাওয়া আক্তার গত ১৯ এপ্রিল সিজারের মাধ্যমে এক পুত্র সন্তানের জন্ম দেন। তবে শারীরিকভাবে দুর্বল থাকলেও পরীক্ষা অংশ নেওয়ার সিদ্ধান্তে অবিচল থাকেন তিনি। গত মঙ্গলবার (২১ এপ্রিল) সকালে নবজাতক সন্তানকে কুড়িগ্রাম আলিয়া কামিল মাদরাসা কেন্দ্রে উপস্থিত হয়ে পরীক্ষায় অংশ নেন ওই মা। সেখানে নির্ধারিত সময়ে 'কুরআন মাজিদ ও তাজভীদ' বিষয়ের পরীক্ষায় অংশ নেন তিনি। তার নবজাতক সন্তানকে নিয়ে পরিবারের একজন সদস্য কেন্দ্রের	একটি কক্ষে অবস্থান করছিলেন। ফলে একদিকে মায়ের পরীক্ষা, অন্যদিকে সন্তানের যত্ন- দুটোই চলছিল একসঙ্গে। স্থানীয়রা জানান, প্রতিকূলতার মাঝেও লক্ষ্য থেকে না সরে দাঁড়ানোর এই ঘটনা অন্য শিক্ষার্থীদের জন্য বড় শিক্ষা। হাওয়া আক্তারের এই সাহসিকতা দেখিয়ে দেয়- ইচ্ছাশক্তি থাকলে কোনো
বাধাই বড় নয়। কুড়িগ্রাম আলিয়া কামিল মাদরাসার অধ্যক্ষ মাওলানা মুহাম্মদ নুর বখত মিএা জানান, আমার কেন্দ্রে প্রায় ১১ শতাধিক পরীক্ষার্থী অংশ নেয়। এর মধ্যে একজন ছাত্রী মাত্র তিন দিন আগে সিজার হওয়ার পরও পরীক্ষায় অংশ নিয়েছেন। যা সত্যিই অনুপ্রেরণাদায়ক।
৪ জনকে গলা কেটে হত্যা
পুলিশের তদন্তে বেরিয়ে
আসছে সম্পত্তির বিরোধ
নওগাঁ সংবাদদাতা: নওগাঁর নিয়ামতপুরে এক দম্পতি ও তাদের দুই শিশু সন্তানকে গলা কেটে হত্যার ঘটনায় বেশকিছু চাঞ্চল্যকর তথ্য পেয়েছে পুলিশ। এ ঘটনায় জিজ্ঞাসাবাদের জন্য পাঁচজনকে পুলিশি হেফাজতে নেওয়া হয়েছে। জমিজমা-সংক্রান্ত বিরোধের জেরে এ হত্যাকাণ্ড ঘটেছে বলে ধারণা করছে পুলিশ। এ ঘটনায় গত মঙ্গলবার (২১ এপ্রিল) রাতে অজ্ঞাতনামা ব্যক্তিদের আসামি করে হত্যা মামলা করেছেন নিহত পপি সুলতানার বাবা মোয়াজ্জেম হোসেন। গতকাল বুধবার সকালে নিয়ামতপুর থানা পুলিশের ভারপ্রাপ্ত কর্মকর্তা (ওসি) মাহবুবুর রহমান এ তথ্য নিশ্চিত করেন। জিজ্ঞাসাবাদের জন্য পুলিশি হেফাজতে থাকা ব্যক্তিরা হলেন, নিহত হাবিবুর রহমানের বাবা নমির উদ্দিন (৭০), তার দ্বিতীয় স্ত্রী ও হাবিবুরের সৎমা, সৎভাই ও তার স্ত্রী এবং এক প্রতিবেশী। ওসি মাহবুবুর রহমান বলেন, হত্যার প্রকৃত কারণ এখনই নিশ্চিত করে বলা যাচ্ছেনা। তবে আমরা তথ্য প্রযুক্তির সহায়তা নিয়েছি এবং বিভিন্ন ইন্টেলিজেন্সের সহায়তা নিয়ে ঘটনার সঠিক কারণ উদঘাটনের চেষ্টা করছি। আরো কাউকে জিজ্ঞাসাবাদের প্রয়োজন মনে করলে তাদেরও পুলিশি হেফাজতে এনে জিজ্ঞাসাবাদ করা হবে। এদিকে মঙ্গলবার বিকেলে লাশগুলো উদ্ধার করে ময়নাতদন্তের জন্য ২৫০ শয্যা নওগাঁ জেনারেল হাসপাতাল মর্গে পাঠানো হয়। এর আগে সোমবার (২০ এপ্রিল) মধ্যরাতে উপজেলার বাহাদুরপুর ইউনিয়নের বাহাদুরপুর গ্রামের নমির উদ্দিনের ছেলে হাবিবুর রহমান (৩২), হাবিবুরের স্ত্রী পপি সুলতানা (২৫), ছেলে পারভেজ (৯) এবং তিন বছরের মেয়ে সাদিয়া আক্তারকে গলা কেটে হত্যা করা হয়। পুলিশ ও স্থানীয় সূত্রে জানা যায়, ঘটনার রাতে পরিবারের সবাই একসঙ্গে ঘুমিয়েছিলেন। সকালে দীর্ঘ সময় দরজা না খোলায় প্রতিবেশীদের সন্দেহ হয়। পরে দরজা ভেঙে ঘরে প্রবেশ করে চারজনের রক্তাক্ত মরদেহ দেখতে পান তারা।
